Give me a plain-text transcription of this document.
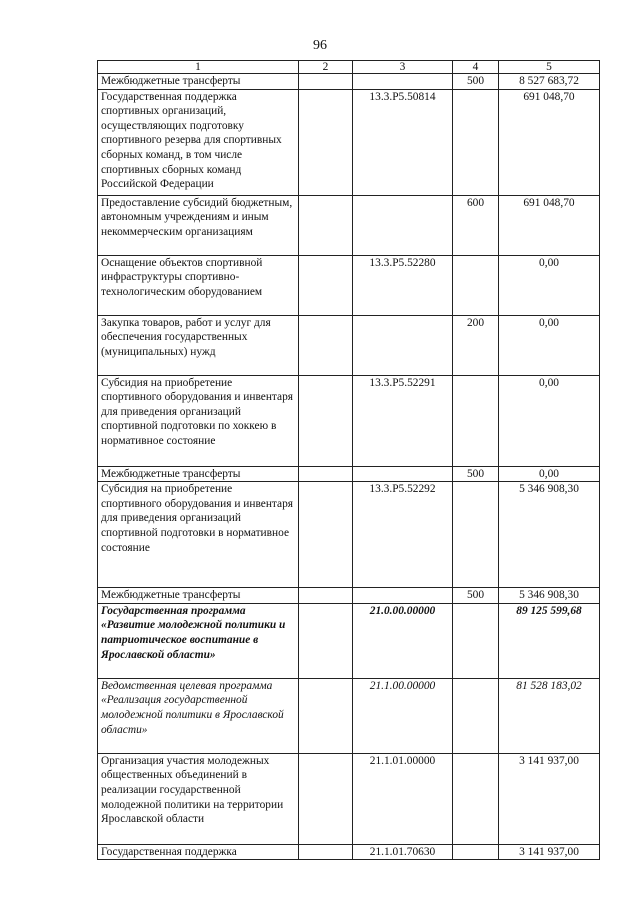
96
1	2	3	4	5
Межбюджетные трансферты			500	8 527 683,72
Государственная поддержка спортивных организаций, осуществляющих подготовку спортивного резерва для спортивных сборных команд, в том числе спортивных сборных команд Российской Федерации		13.3.Р5.50814		691 048,70
Предоставление субсидий бюджетным, автономным учреждениям и иным некоммерческим организациям			600	691 048,70
Оснащение объектов спортивной инфраструктуры спортивно-технологическим оборудованием		13.3.Р5.52280		0,00
Закупка товаров, работ и услуг для обеспечения государственных (муниципальных) нужд			200	0,00
Субсидия на приобретение спортивного оборудования и инвентаря для приведения организаций спортивной подготовки по хоккею в нормативное состояние		13.3.Р5.52291		0,00
Межбюджетные трансферты			500	0,00
Субсидия на приобретение спортивного оборудования и инвентаря для приведения организаций спортивной подготовки в нормативное состояние		13.3.Р5.52292		5 346 908,30
Межбюджетные трансферты			500	5 346 908,30
Государственная программа «Развитие молодежной политики и патриотическое воспитание в Ярославской области»		21.0.00.00000		89 125 599,68
Ведомственная целевая программа «Реализация государственной молодежной политики в Ярославской области»		21.1.00.00000		81 528 183,02
Организация участия молодежных общественных объединений в реализации государственной молодежной политики на территории Ярославской области		21.1.01.00000		3 141 937,00
Государственная поддержка		21.1.01.70630		3 141 937,00
